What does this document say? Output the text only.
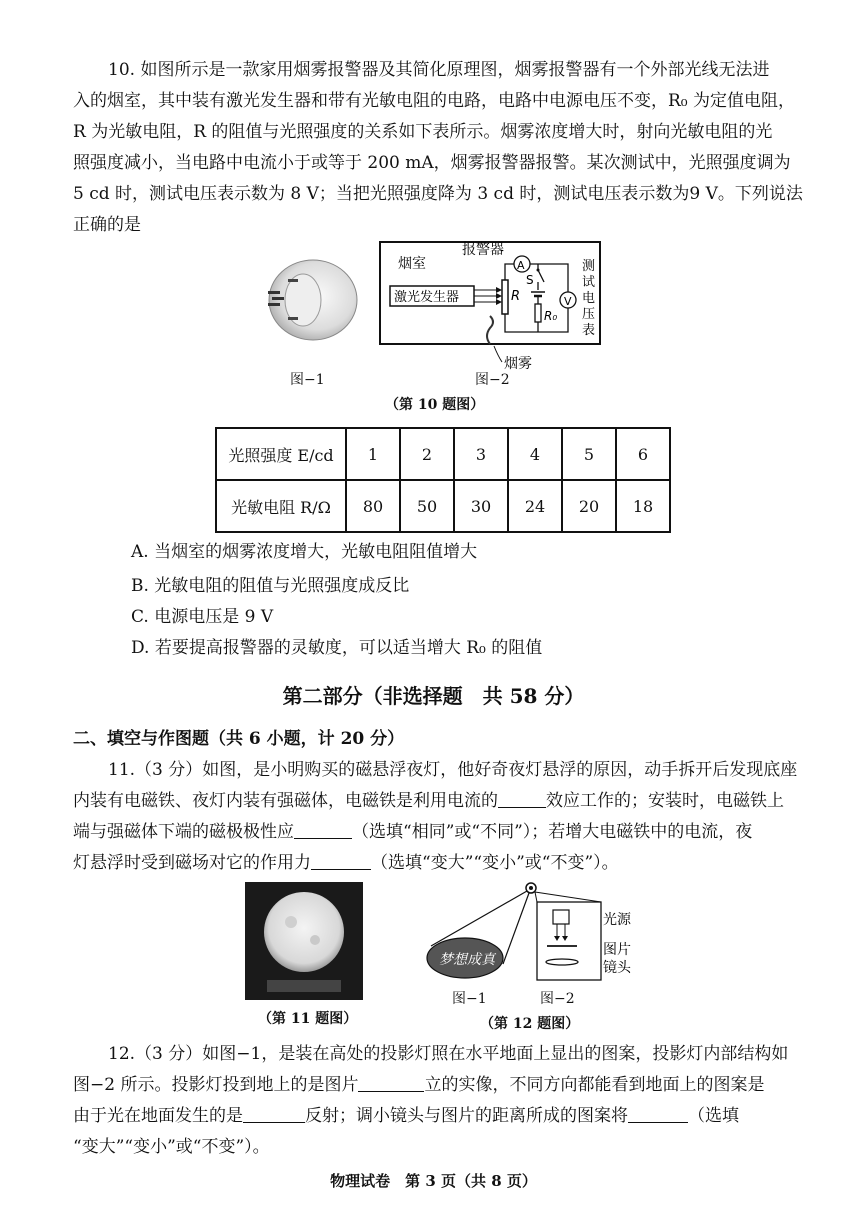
10. 如图所示是一款家用烟雾报警器及其简化原理图，烟雾报警器有一个外部光线无法进
入的烟室，其中装有激光发生器和带有光敏电阻的电路，电路中电源电压不变，R₀ 为定值电阻，
R 为光敏电阻，R 的阻值与光照强度的关系如下表所示。烟雾浓度增大时，射向光敏电阻的光
照强度减小，当电路中电流小于或等于 200 mA，烟雾报警器报警。某次测试中，光照强度调为
5 cd 时，测试电压表示数为 8 V；当把光照强度降为 3 cd 时，测试电压表示数为9 V。下列说法
正确的是
烟室
报警器
激光发生器	R
A
S
R₀
V
测
试
电
压
表
烟雾
图−1	图−2
（第 10 题图）
光照强度 E/cd	1	2	3	4	5	6
光敏电阻 R/Ω	80	50	30	24	20	18
A. 当烟室的烟雾浓度增大，光敏电阻阻值增大
B. 光敏电阻的阻值与光照强度成反比
C. 电源电压是 9 V
D. 若要提高报警器的灵敏度，可以适当增大 R₀ 的阻值
第二部分（非选择题　共 58 分）
二、填空与作图题（共 6 小题，计 20 分）
11.（3 分）如图，是小明购买的磁悬浮夜灯，他好奇夜灯悬浮的原因，动手拆开后发现底座
内装有电磁铁、夜灯内装有强磁体，电磁铁是利用电流的	效应工作的；安装时，电磁铁上
端与强磁体下端的磁极极性应	（选填“相同”或“不同”）；若增大电磁铁中的电流，夜
灯悬浮时受到磁场对它的作用力	（选填“变大”“变小”或“不变”）。
（第 11 题图）
梦想成真
光源
图片
镜头
图−1	图−2
（第 12 题图）
12.（3 分）如图−1，是装在高处的投影灯照在水平地面上显出的图案，投影灯内部结构如
图−2 所示。投影灯投到地上的是图片	立的实像，不同方向都能看到地面上的图案是
由于光在地面发生的是	反射；调小镜头与图片的距离所成的图案将	（选填
“变大”“变小”或“不变”）。
物理试卷　第 3 页（共 8 页）
